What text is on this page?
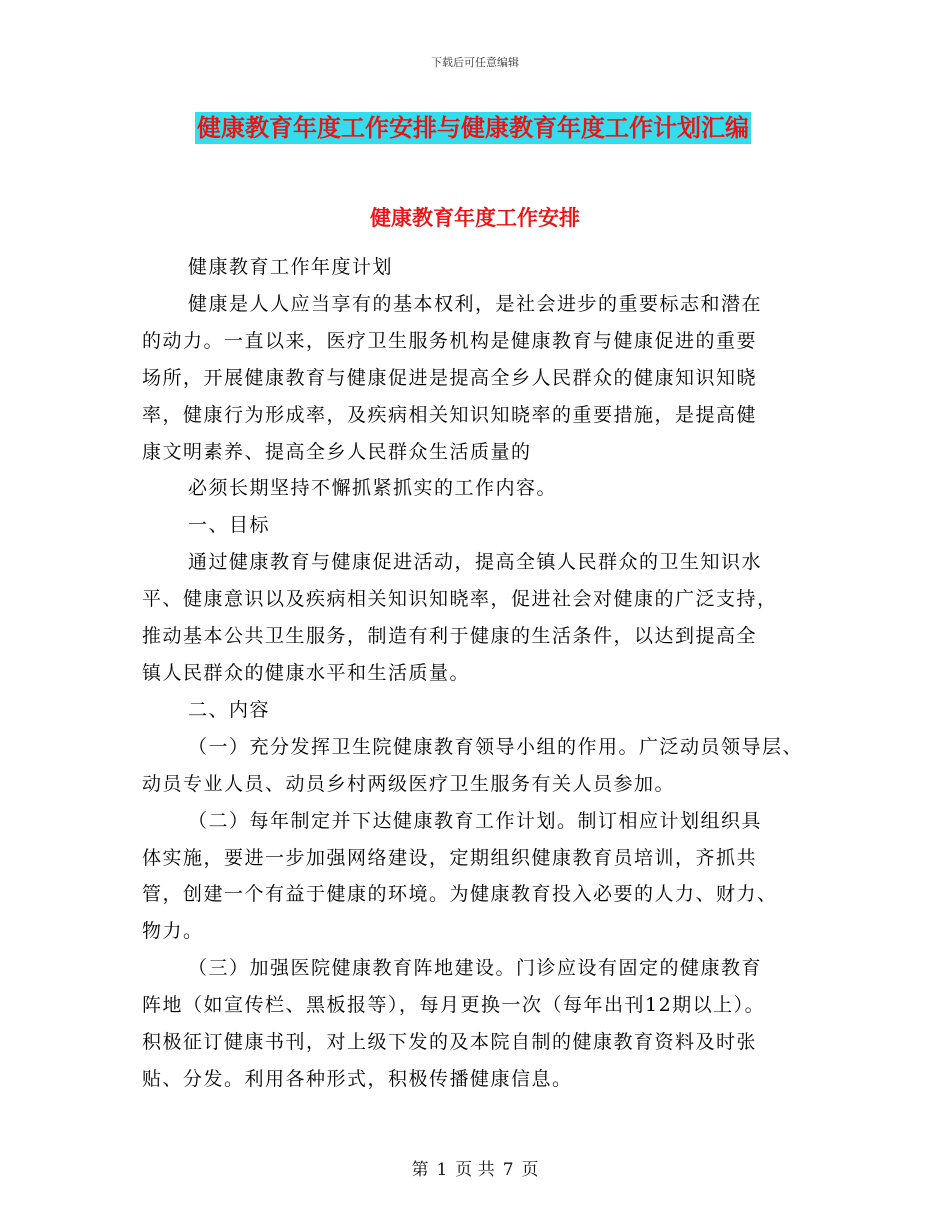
下载后可任意编辑
健康教育年度工作安排与健康教育年度工作计划汇编
健康教育年度工作安排

健康教育工作年度计划

健康是人人应当享有的基本权利，是社会进步的重要标志和潜在
的动力。一直以来，医疗卫生服务机构是健康教育与健康促进的重要
场所，开展健康教育与健康促进是提高全乡人民群众的健康知识知晓
率，健康行为形成率，及疾病相关知识知晓率的重要措施，是提高健
康文明素养、提高全乡人民群众生活质量的

必须长期坚持不懈抓紧抓实的工作内容。

一、目标

通过健康教育与健康促进活动，提高全镇人民群众的卫生知识水
平、健康意识以及疾病相关知识知晓率，促进社会对健康的广泛支持，
推动基本公共卫生服务，制造有利于健康的生活条件，以达到提高全
镇人民群众的健康水平和生活质量。

二、内容

（一）充分发挥卫生院健康教育领导小组的作用。广泛动员领导层、
动员专业人员、动员乡村两级医疗卫生服务有关人员参加。

（二）每年制定并下达健康教育工作计划。制订相应计划组织具
体实施，要进一步加强网络建设，定期组织健康教育员培训，齐抓共
管，创建一个有益于健康的环境。为健康教育投入必要的人力、财力、
物力。

（三）加强医院健康教育阵地建设。门诊应设有固定的健康教育
阵地（如宣传栏、黑板报等），每月更换一次（每年出刊12期以上）。
积极征订健康书刊，对上级下发的及本院自制的健康教育资料及时张
贴、分发。利用各种形式，积极传播健康信息。

第 1 页 共 7 页
